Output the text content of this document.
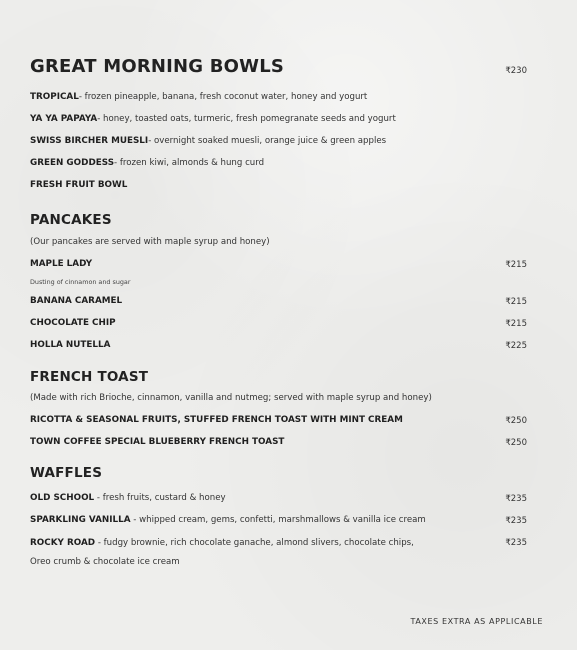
GREAT MORNING BOWLS	₹230
TROPICAL- frozen pineapple, banana, fresh coconut water, honey and yogurt
YA YA PAPAYA- honey, toasted oats, turmeric, fresh pomegranate seeds and yogurt
SWISS BIRCHER MUESLI- overnight soaked muesli, orange juice & green apples
GREEN GODDESS- frozen kiwi, almonds & hung curd
FRESH FRUIT BOWL
PANCAKES
(Our pancakes are served with maple syrup and honey)
MAPLE LADY	₹215
Dusting of cinnamon and sugar
BANANA CARAMEL	₹215
CHOCOLATE CHIP	₹215
HOLLA NUTELLA	₹225
FRENCH TOAST
(Made with rich Brioche, cinnamon, vanilla and nutmeg; served with maple syrup and honey)
RICOTTA & SEASONAL FRUITS, STUFFED FRENCH TOAST WITH MINT CREAM	₹250
TOWN COFFEE SPECIAL BLUEBERRY FRENCH TOAST	₹250
WAFFLES
OLD SCHOOL - fresh fruits, custard & honey	₹235
SPARKLING VANILLA - whipped cream, gems, confetti, marshmallows & vanilla ice cream	₹235
ROCKY ROAD - fudgy brownie, rich chocolate ganache, almond slivers, chocolate chips,	₹235
Oreo crumb & chocolate ice cream
TAXES EXTRA AS APPLICABLE
